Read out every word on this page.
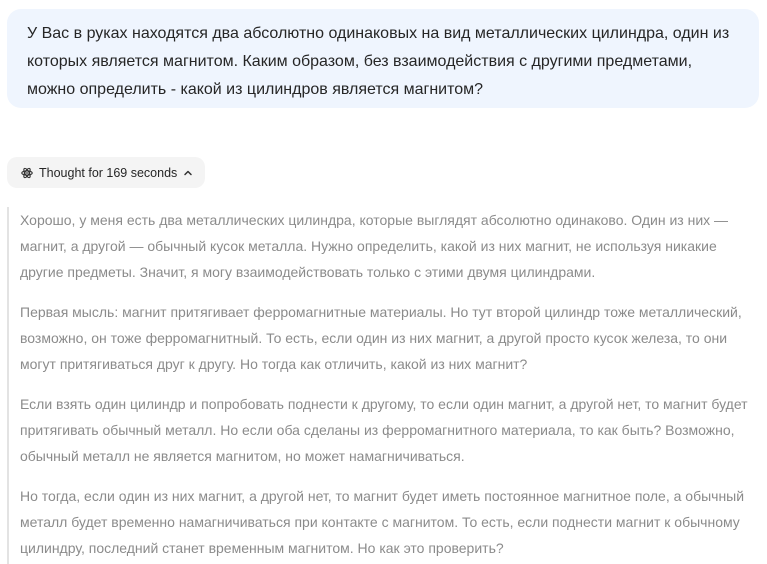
У Вас в руках находятся два абсолютно одинаковых на вид металлических цилиндра, один из которых является магнитом. Каким образом, без взаимодействия с другими предметами, можно определить - какой из цилиндров является магнитом?
Thought for 169 seconds

Хорошо, у меня есть два металлических цилиндра, которые выглядят абсолютно одинаково. Один из них — магнит, а другой — обычный кусок металла. Нужно определить, какой из них магнит, не используя никакие другие предметы. Значит, я могу взаимодействовать только с этими двумя цилиндрами.

Первая мысль: магнит притягивает ферромагнитные материалы. Но тут второй цилиндр тоже металлический, возможно, он тоже ферромагнитный. То есть, если один из них магнит, а другой просто кусок железа, то они могут притягиваться друг к другу. Но тогда как отличить, какой из них магнит?

Если взять один цилиндр и попробовать поднести к другому, то если один магнит, а другой нет, то магнит будет притягивать обычный металл. Но если оба сделаны из ферромагнитного материала, то как быть? Возможно, обычный металл не является магнитом, но может намагничиваться.

Но тогда, если один из них магнит, а другой нет, то магнит будет иметь постоянное магнитное поле, а обычный металл будет временно намагничиваться при контакте с магнитом. То есть, если поднести магнит к обычному цилиндру, последний станет временным магнитом. Но как это проверить?
